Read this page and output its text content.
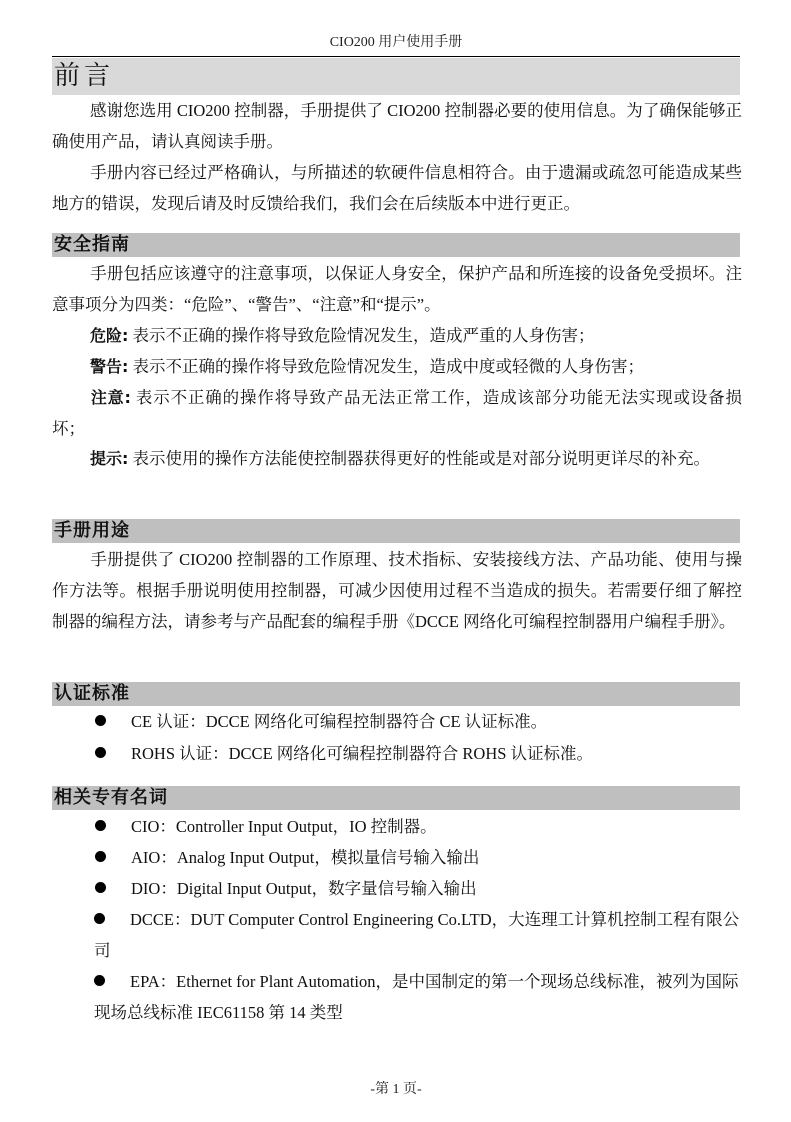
CIO200 用户使用手册
前言
感谢您选用 CIO200 控制器，手册提供了 CIO200 控制器必要的使用信息。为了确保能够正确使用产品，请认真阅读手册。
手册内容已经过严格确认，与所描述的软硬件信息相符合。由于遗漏或疏忽可能造成某些地方的错误，发现后请及时反馈给我们，我们会在后续版本中进行更正。
安全指南
手册包括应该遵守的注意事项，以保证人身安全，保护产品和所连接的设备免受损坏。注意事项分为四类：“危险”、“警告”、“注意”和“提示”。
危险: 表示不正确的操作将导致危险情况发生，造成严重的人身伤害；
警告: 表示不正确的操作将导致危险情况发生，造成中度或轻微的人身伤害；
注意: 表示不正确的操作将导致产品无法正常工作，造成该部分功能无法实现或设备损坏；
提示: 表示使用的操作方法能使控制器获得更好的性能或是对部分说明更详尽的补充。
手册用途
手册提供了 CIO200 控制器的工作原理、技术指标、安装接线方法、产品功能、使用与操作方法等。根据手册说明使用控制器，可减少因使用过程不当造成的损失。若需要仔细了解控制器的编程方法，请参考与产品配套的编程手册《DCCE 网络化可编程控制器用户编程手册》。
认证标准
CE 认证：DCCE 网络化可编程控制器符合 CE 认证标准。
ROHS 认证：DCCE 网络化可编程控制器符合 ROHS 认证标准。
相关专有名词
CIO：Controller Input Output，IO 控制器。
AIO：Analog Input Output，模拟量信号输入输出
DIO：Digital Input Output，数字量信号输入输出
DCCE：DUT Computer Control Engineering Co.LTD，大连理工计算机控制工程有限公司
EPA：Ethernet for Plant Automation，是中国制定的第一个现场总线标准，被列为国际现场总线标准 IEC61158 第 14 类型
-第 1 页-
